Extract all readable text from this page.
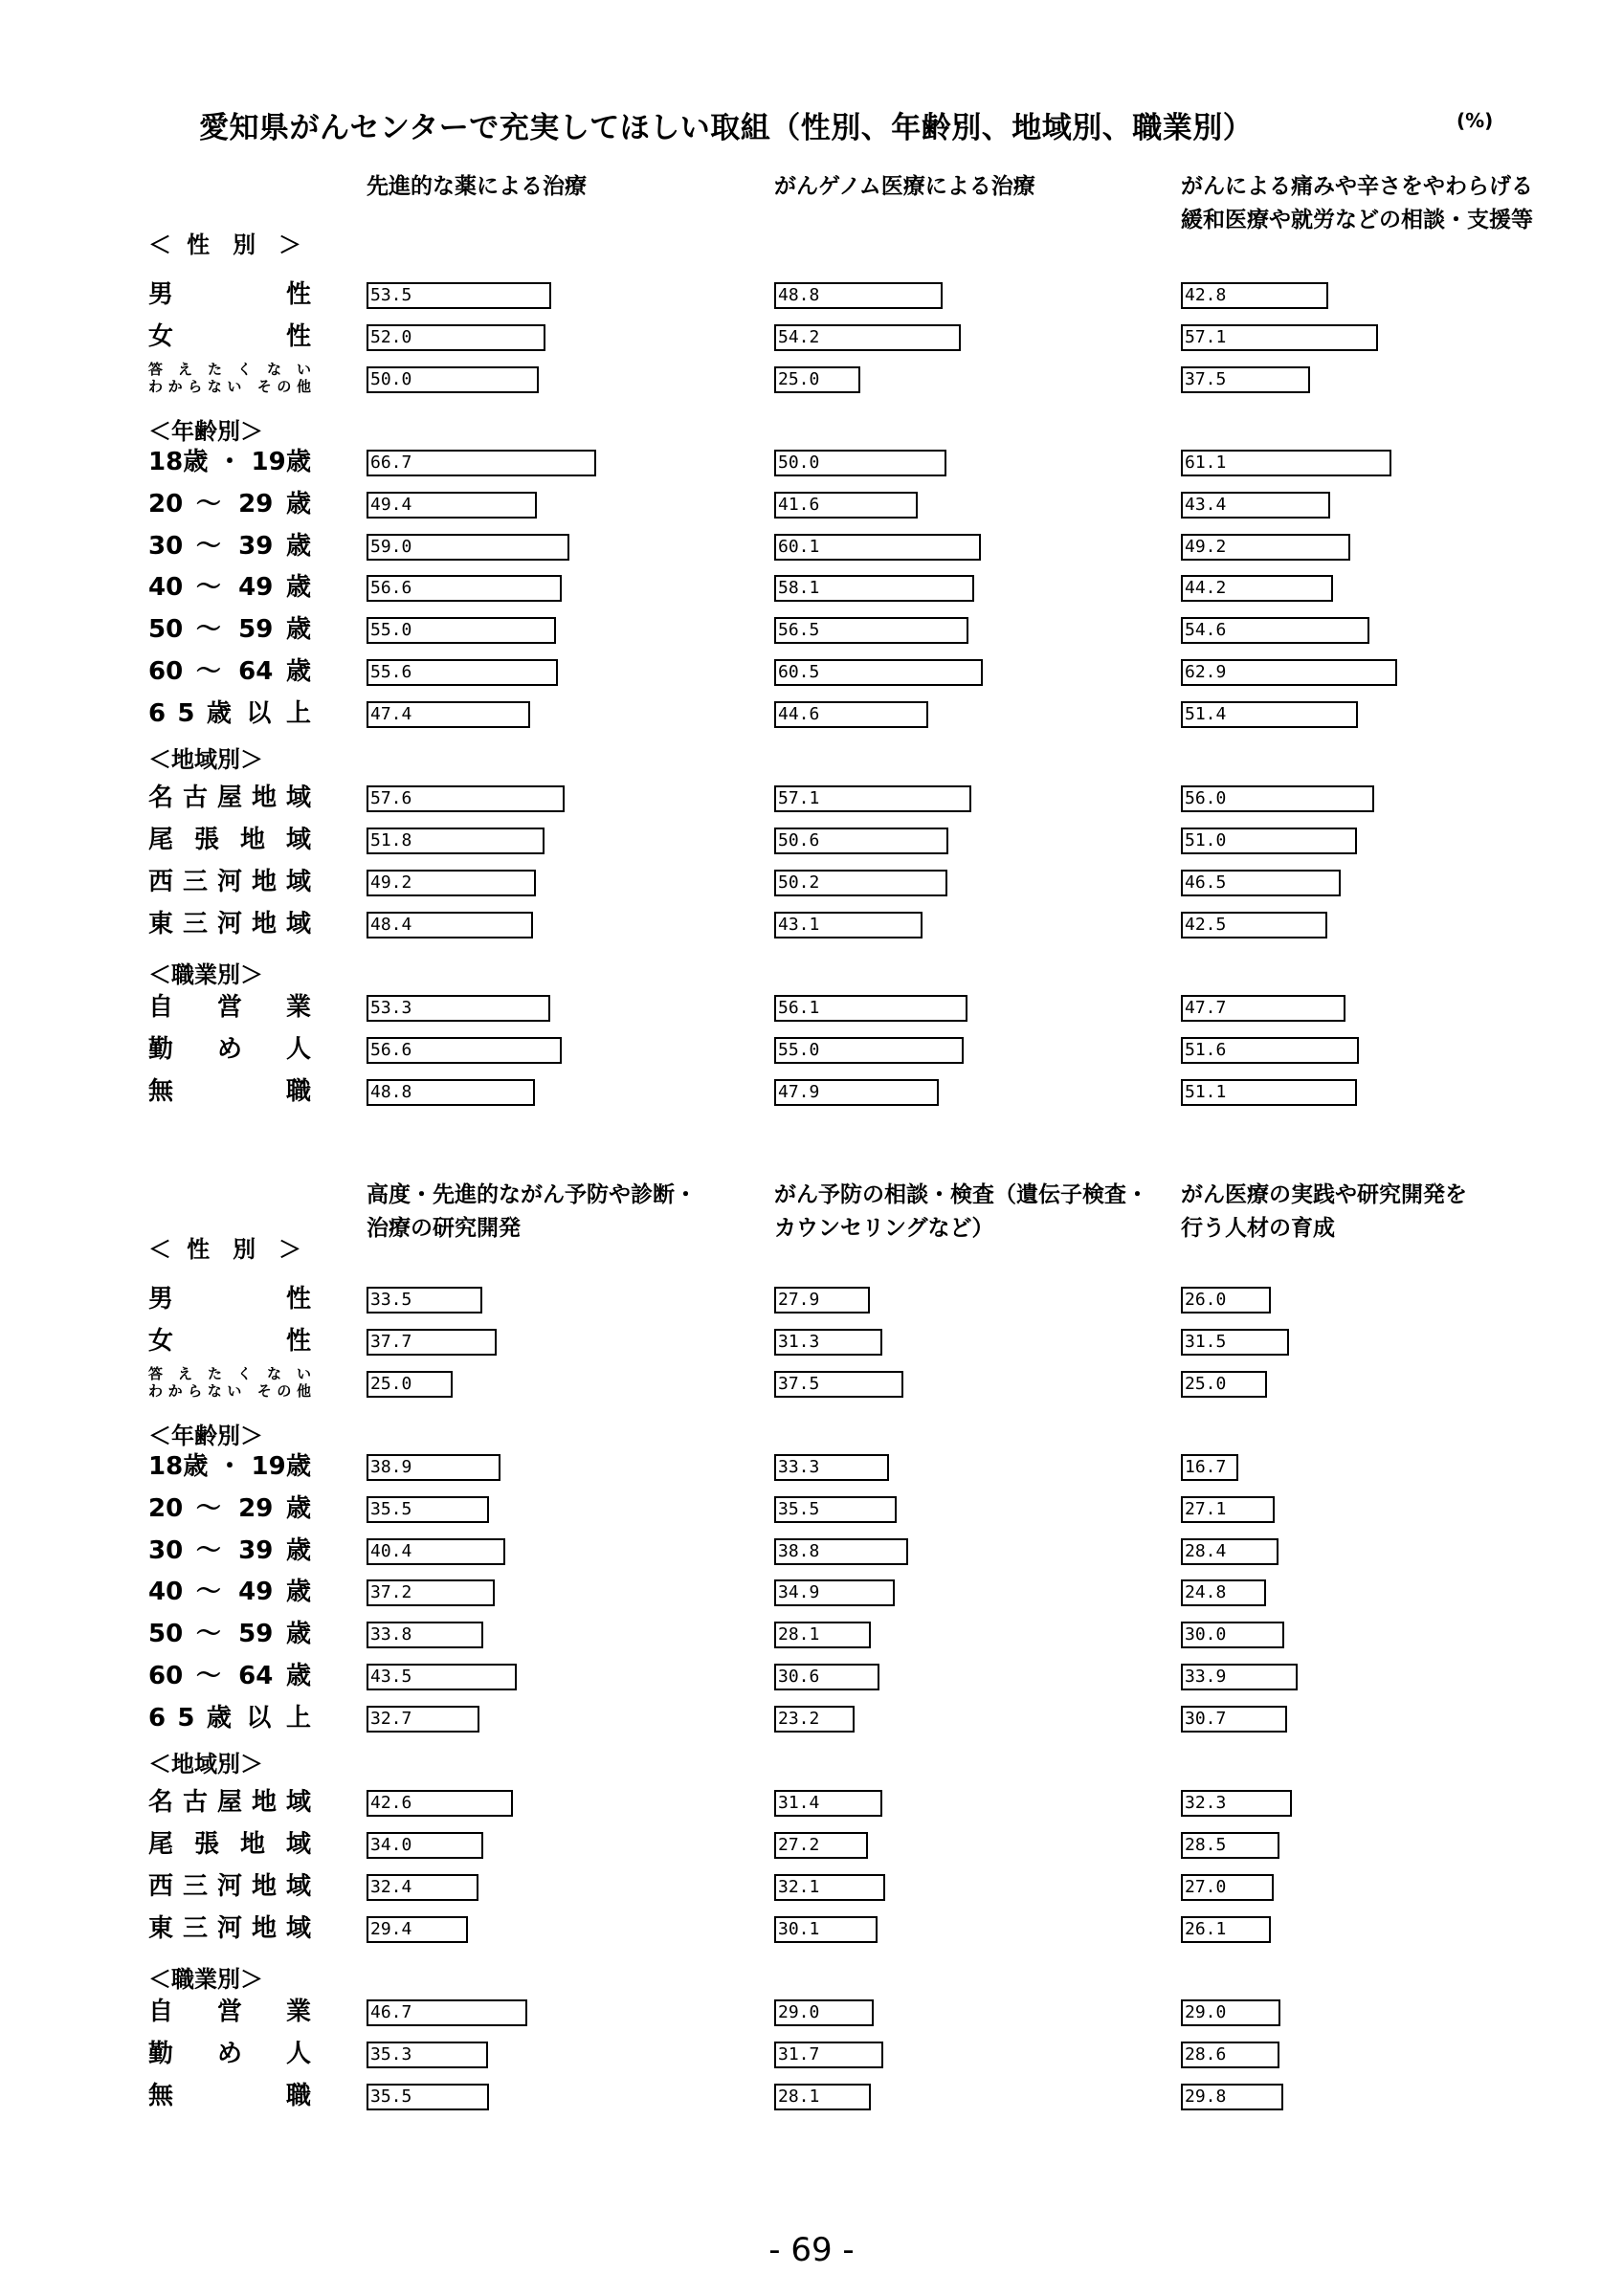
愛知県がんセンターで充実してほしい取組（性別、年齢別、地域別、職業別）	(%)
＜ 性 別 ＞
男 性
女 性
答 え た く な い
わからない その他
＜年齢別＞
18歳 ・ 19歳
20 ～ 29 歳
30 ～ 39 歳
40 ～ 49 歳
50 ～ 59 歳
60 ～ 64 歳
6 5 歳 以 上
＜地域別＞
名古屋地域
尾 張 地 域
西三河地域
東三河地域
＜職業別＞
自 営 業
勤 め 人
無 職
先進的な薬による治療
53.5
52.0
50.0
66.7
49.4
59.0
56.6
55.0
55.6
47.4
57.6
51.8
49.2
48.4
53.3
56.6
48.8
がんゲノム医療による治療
48.8
54.2
25.0
50.0
41.6
60.1
58.1
56.5
60.5
44.6
57.1
50.6
50.2
43.1
56.1
55.0
47.9
がんによる痛みや辛さをやわらげる
緩和医療や就労などの相談・支援等
42.8
57.1
37.5
61.1
43.4
49.2
44.2
54.6
62.9
51.4
56.0
51.0
46.5
42.5
47.7
51.6
51.1
＜ 性 別 ＞
男 性
女 性
答 え た く な い
わからない その他
＜年齢別＞
18歳 ・ 19歳
20 ～ 29 歳
30 ～ 39 歳
40 ～ 49 歳
50 ～ 59 歳
60 ～ 64 歳
6 5 歳 以 上
＜地域別＞
名古屋地域
尾 張 地 域
西三河地域
東三河地域
＜職業別＞
自 営 業
勤 め 人
無 職
高度・先進的ながん予防や診断・
治療の研究開発
33.5
37.7
25.0
38.9
35.5
40.4
37.2
33.8
43.5
32.7
42.6
34.0
32.4
29.4
46.7
35.3
35.5
がん予防の相談・検査（遺伝子検査・
カウンセリングなど）
27.9
31.3
37.5
33.3
35.5
38.8
34.9
28.1
30.6
23.2
31.4
27.2
32.1
30.1
29.0
31.7
28.1
がん医療の実践や研究開発を
行う人材の育成
26.0
31.5
25.0
16.7
27.1
28.4
24.8
30.0
33.9
30.7
32.3
28.5
27.0
26.1
29.0
28.6
29.8
- 69 -
